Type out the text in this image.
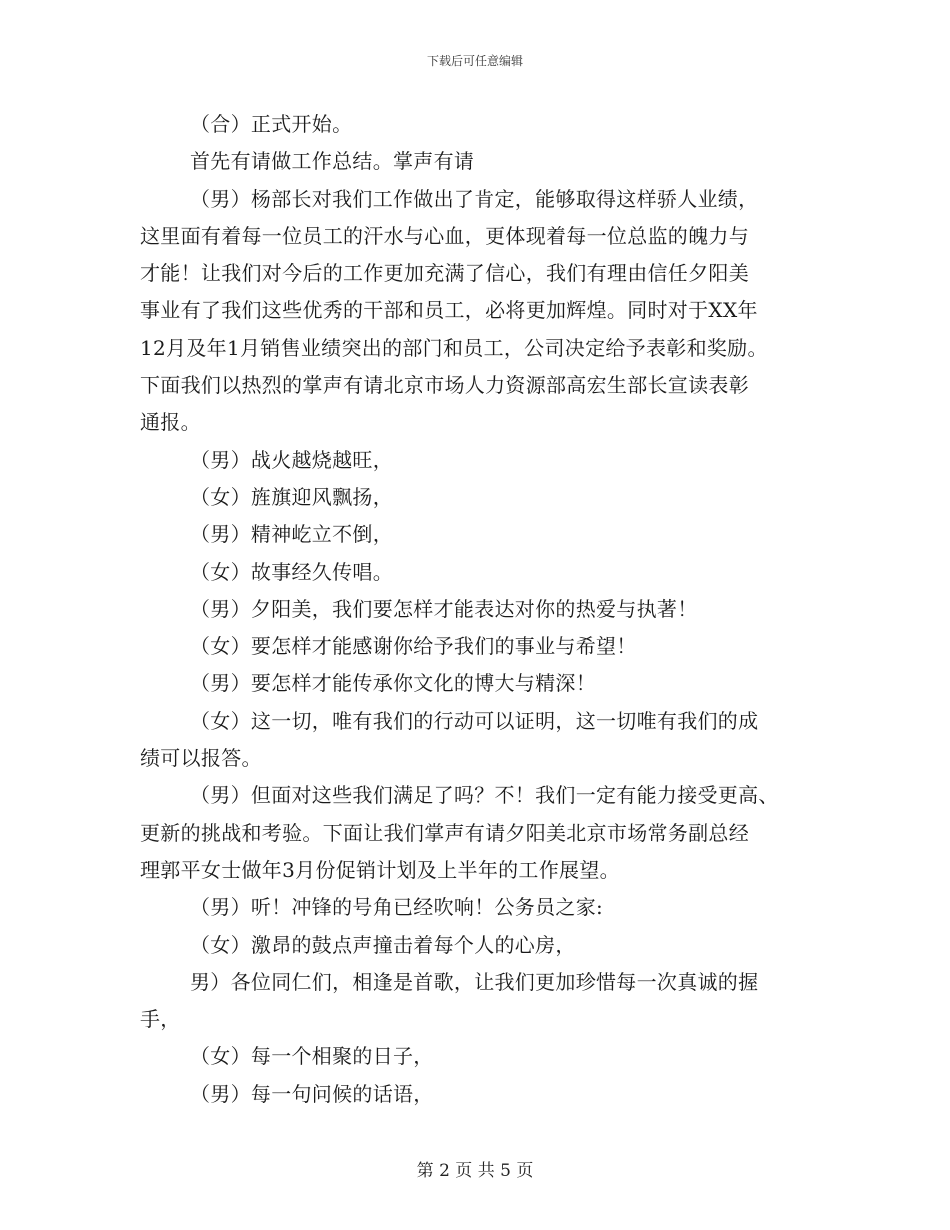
下载后可任意编辑

（合）正式开始。

首先有请做工作总结。掌声有请

（男）杨部长对我们工作做出了肯定，能够取得这样骄人业绩，

这里面有着每一位员工的汗水与心血，更体现着每一位总监的魄力与

才能！让我们对今后的工作更加充满了信心，我们有理由信任夕阳美

事业有了我们这些优秀的干部和员工，必将更加辉煌。同时对于XX年

12月及年1月销售业绩突出的部门和员工，公司决定给予表彰和奖励。

下面我们以热烈的掌声有请北京市场人力资源部高宏生部长宣读表彰

通报。

（男）战火越烧越旺，

（女）旌旗迎风飘扬，

（男）精神屹立不倒，

（女）故事经久传唱。

（男）夕阳美，我们要怎样才能表达对你的热爱与执著！

（女）要怎样才能感谢你给予我们的事业与希望！

（男）要怎样才能传承你文化的博大与精深！

（女）这一切，唯有我们的行动可以证明，这一切唯有我们的成

绩可以报答。

（男）但面对这些我们满足了吗？不！我们一定有能力接受更高、

更新的挑战和考验。下面让我们掌声有请夕阳美北京市场常务副总经

理郭平女士做年3月份促销计划及上半年的工作展望。

（男）听！冲锋的号角已经吹响！公务员之家:

（女）激昂的鼓点声撞击着每个人的心房，

男）各位同仁们，相逢是首歌，让我们更加珍惜每一次真诚的握

手，

（女）每一个相聚的日子，

（男）每一句问候的话语，

第 2 页 共 5 页
